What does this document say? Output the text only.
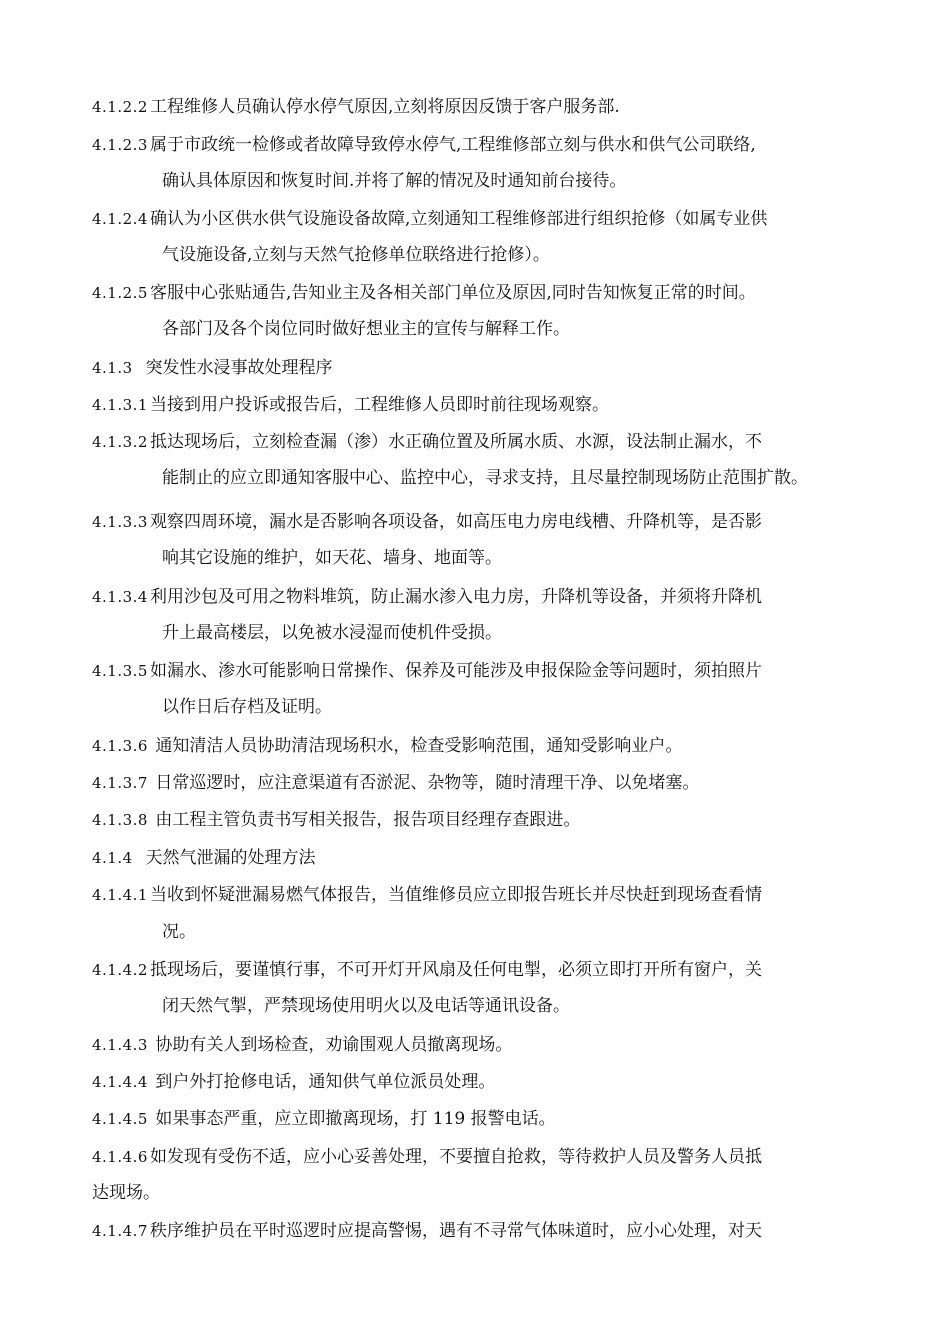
4.1.2.2 工程维修人员确认停水停气原因,立刻将原因反馈于客户服务部.
4.1.2.3 属于市政统一检修或者故障导致停水停气,工程维修部立刻与供水和供气公司联络,
确认具体原因和恢复时间.并将了解的情况及时通知前台接待。
4.1.2.4 确认为小区供水供气设施设备故障,立刻通知工程维修部进行组织抢修（如属专业供
气设施设备,立刻与天然气抢修单位联络进行抢修）。
4.1.2.5 客服中心张贴通告,告知业主及各相关部门单位及原因,同时告知恢复正常的时间。
各部门及各个岗位同时做好想业主的宣传与解释工作。
4.1.3  突发性水浸事故处理程序
4.1.3.1 当接到用户投诉或报告后，工程维修人员即时前往现场观察。
4.1.3.2 抵达现场后，立刻检查漏（渗）水正确位置及所属水质、水源，设法制止漏水，不
能制止的应立即通知客服中心、监控中心，寻求支持，且尽量控制现场防止范围扩散。
4.1.3.3 观察四周环境，漏水是否影响各项设备，如高压电力房电线槽、升降机等，是否影
响其它设施的维护，如天花、墙身、地面等。
4.1.3.4 利用沙包及可用之物料堆筑，防止漏水渗入电力房，升降机等设备，并须将升降机
升上最高楼层，以免被水浸湿而使机件受损。
4.1.3.5 如漏水、渗水可能影响日常操作、保养及可能涉及申报保险金等问题时，须拍照片
以作日后存档及证明。
4.1.3.6 通知清洁人员协助清洁现场积水，检查受影响范围，通知受影响业户。
4.1.3.7 日常巡逻时，应注意渠道有否淤泥、杂物等，随时清理干净、以免堵塞。
4.1.3.8 由工程主管负责书写相关报告，报告项目经理存查跟进。
4.1.4  天然气泄漏的处理方法
4.1.4.1 当收到怀疑泄漏易燃气体报告，当值维修员应立即报告班长并尽快赶到现场查看情
况。
4.1.4.2 抵现场后，要谨慎行事，不可开灯开风扇及任何电掣，必须立即打开所有窗户，关
闭天然气掣，严禁现场使用明火以及电话等通讯设备。
4.1.4.3 协助有关人到场检查，劝谕围观人员撤离现场。
4.1.4.4 到户外打抢修电话，通知供气单位派员处理。
4.1.4.5 如果事态严重，应立即撤离现场，打 119 报警电话。
4.1.4.6 如发现有受伤不适，应小心妥善处理，不要擅自抢救，等待救护人员及警务人员抵
达现场。
4.1.4.7 秩序维护员在平时巡逻时应提高警惕，遇有不寻常气体味道时，应小心处理，对天
